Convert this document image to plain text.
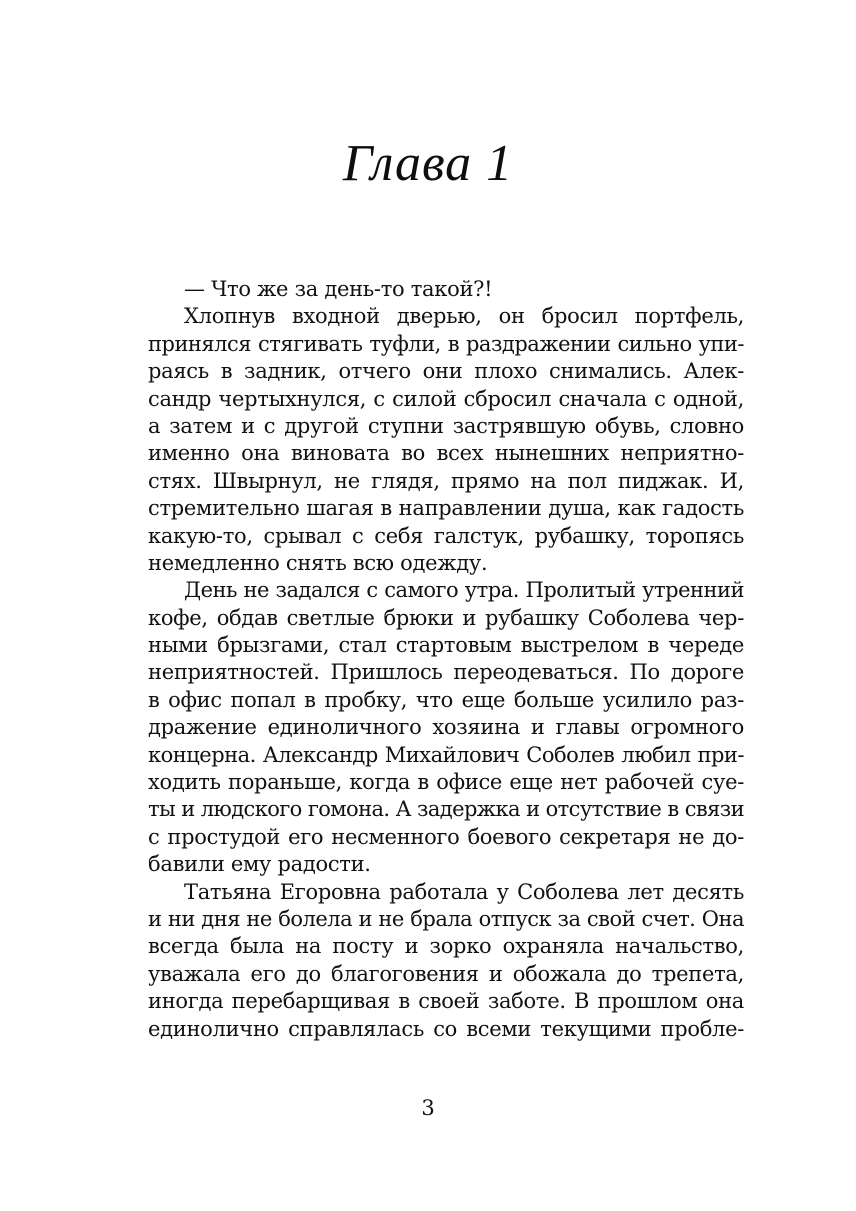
Глава 1
— Что же за день-то такой?!
Хлопнув входной дверью, он бросил портфель,
принялся стягивать туфли, в раздражении сильно упи-
раясь в задник, отчего они плохо снимались. Алек-
сандр чертыхнулся, с силой сбросил сначала с одной,
а затем и с другой ступни застрявшую обувь, словно
именно она виновата во всех нынешних неприятно-
стях. Швырнул, не глядя, прямо на пол пиджак. И,
стремительно шагая в направлении душа, как гадость
какую-то, срывал с себя галстук, рубашку, торопясь
немедленно снять всю одежду.
День не задался с самого утра. Пролитый утренний
кофе, обдав светлые брюки и рубашку Соболева чер-
ными брызгами, стал стартовым выстрелом в череде
неприятностей. Пришлось переодеваться. По дороге
в офис попал в пробку, что еще больше усилило раз-
дражение единоличного хозяина и главы огромного
концерна. Александр Михайлович Соболев любил при-
ходить пораньше, когда в офисе еще нет рабочей суе-
ты и людского гомона. А задержка и отсутствие в связи
с простудой его несменного боевого секретаря не до-
бавили ему радости.
Татьяна Егоровна работала у Соболева лет десять
и ни дня не болела и не брала отпуск за свой счет. Она
всегда была на посту и зорко охраняла начальство,
уважала его до благоговения и обожала до трепета,
иногда перебарщивая в своей заботе. В прошлом она
единолично справлялась со всеми текущими пробле-
3
